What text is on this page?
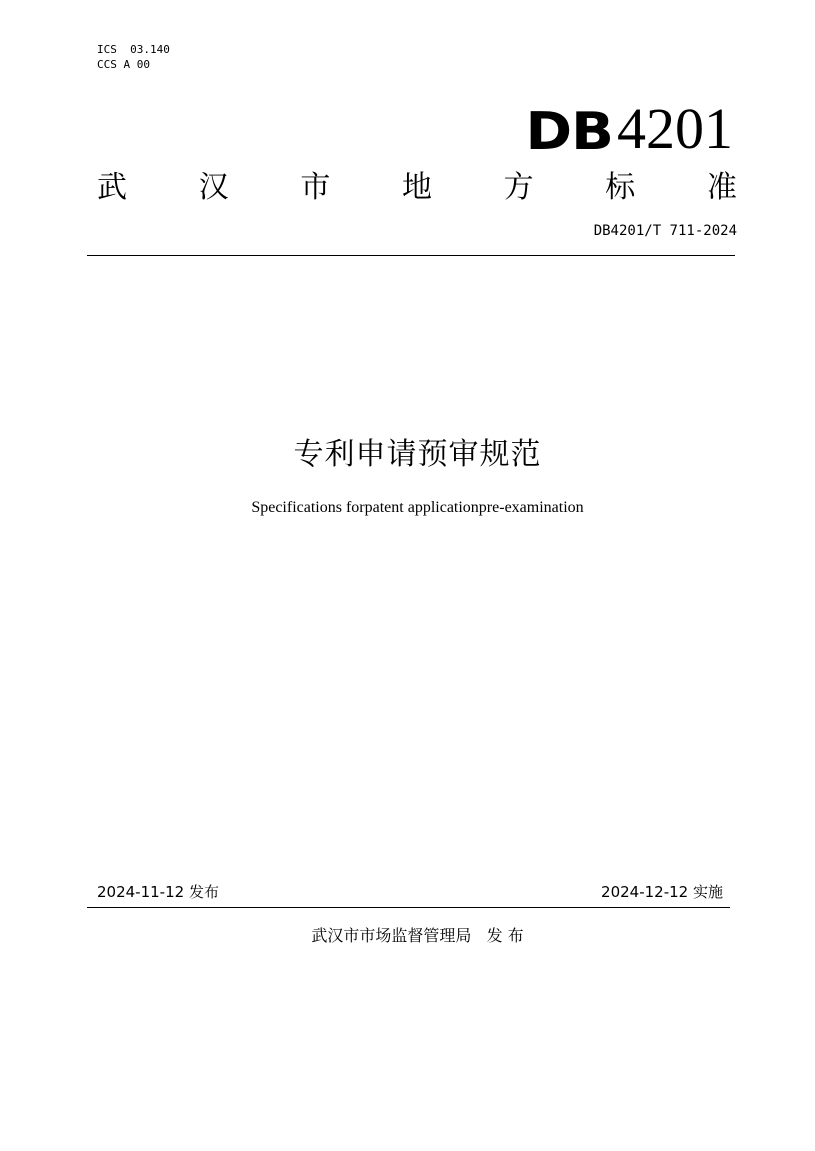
ICS  03.140
CCS A 00
DB 4201
武 汉 市 地 方 标 准
DB4201/T 711-2024
专利申请预审规范
Specifications forpatent applicationpre-examination
2024-11-12 发布	2024-12-12 实施
武汉市市场监督管理局   发 布
